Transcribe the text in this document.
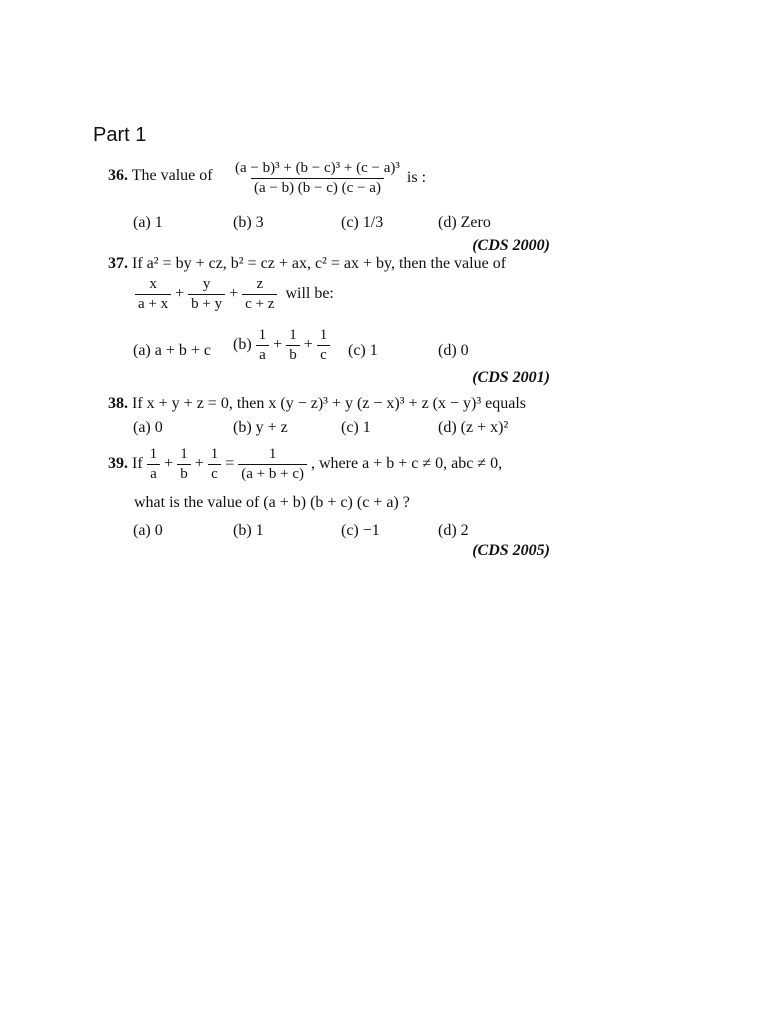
Part 1
36. The value of $\frac{\text{(a − b)³ + (b − c)³ + (c − a)³}}{(a - b) (b - c) (c - a)}$ is :
(a) 1	(b) 3	(c) 1/3	(d) Zero
(CDS 2000)
37. If a² = by + cz, b² = cz + ax, c² = ax + by, then the value of
$\frac{x}{a + x} + \frac{y}{b + y} + \frac{z}{c + z}$ will be:
(a) a + b + c $(b) \frac{1}{a} + \frac{1}{b} + \frac{1}{c} (c)$ 1	(d) 0
(CDS 2001)
38. If x + y + z = 0, then x (y − z)³ + y (z − x)³ + z (x − y)³ equals
(a) 0	(b) y + z	(c) 1	(d) (z + x)²
39. If $\frac{1}{a} + \frac{1}{b} + \frac{1}{c} = \frac{1}{(a + b + c)}$ , where a + b + c ≠ 0, abc ≠ 0,
what is the value of (a + b) (b + c) (c + a) ?
(a) 0	(b) 1	(c) −1	(d) 2
(CDS 2005)
